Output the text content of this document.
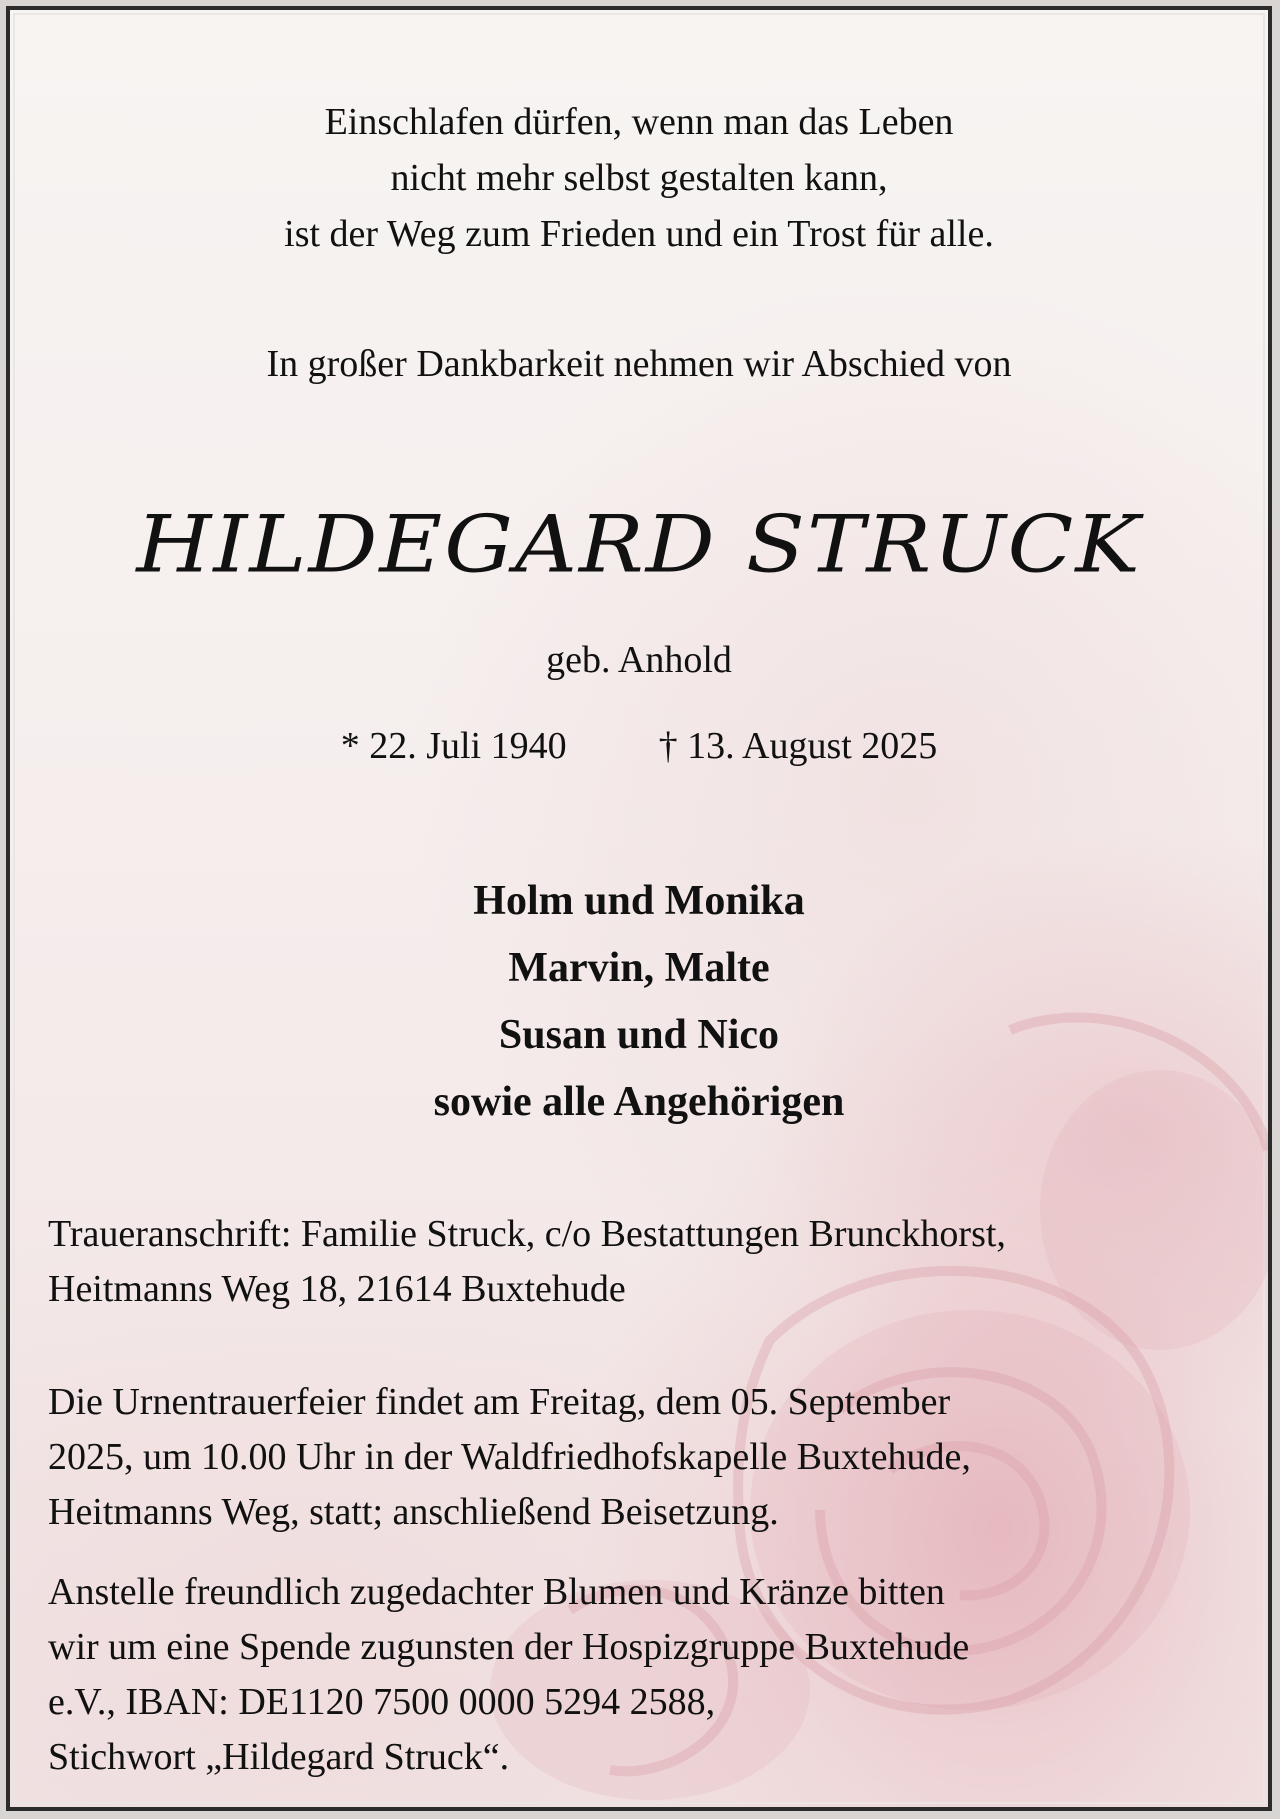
Einschlafen dürfen, wenn man das Leben
nicht mehr selbst gestalten kann,
ist der Weg zum Frieden und ein Trost für alle.
In großer Dankbarkeit nehmen wir Abschied von
HILDEGARD STRUCK
geb. Anhold
* 22. Juli 1940 † 13. August 2025
Holm und Monika
Marvin, Malte
Susan und Nico
sowie alle Angehörigen
Traueranschrift: Familie Struck, c/o Bestattungen Brunckhorst,
Heitmanns Weg 18, 21614 Buxtehude
Die Urnentrauerfeier findet am Freitag, dem 05. September
2025, um 10.00 Uhr in der Waldfriedhofskapelle Buxtehude,
Heitmanns Weg, statt; anschließend Beisetzung.
Anstelle freundlich zugedachter Blumen und Kränze bitten
wir um eine Spende zugunsten der Hospizgruppe Buxtehude
e.V., IBAN: DE1120 7500 0000 5294 2588,
Stichwort „Hildegard Struck“.
